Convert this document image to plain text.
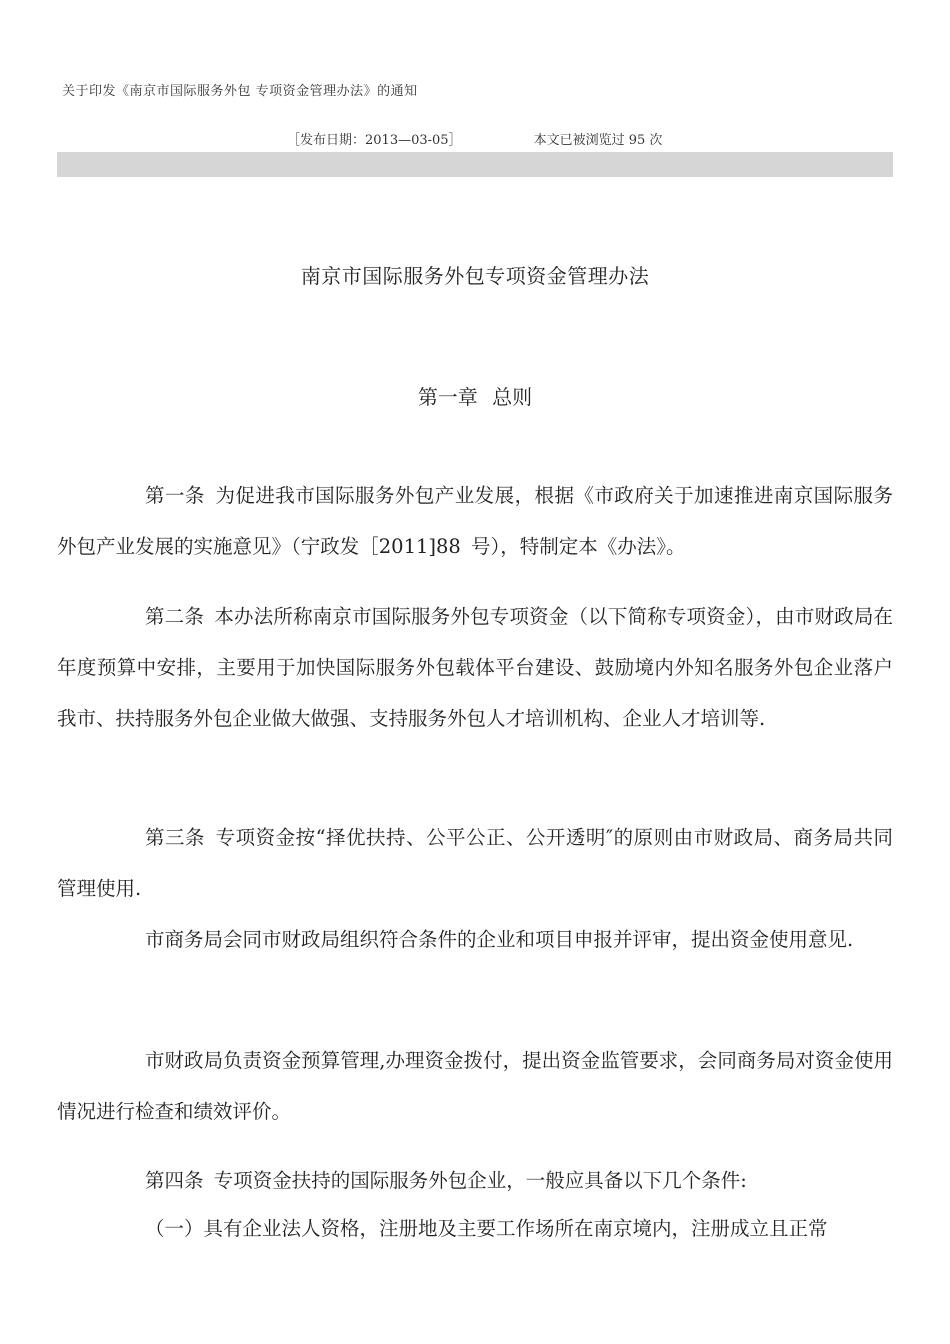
关于印发《南京市国际服务外包 专项资金管理办法》的通知
［发布日期：2013—03-05］	本文已被浏览过 95 次
南京市国际服务外包专项资金管理办法
第一章 总则
第一条 为促进我市国际服务外包产业发展，根据《市政府关于加速推进南京国际服务外包产业发展的实施意见》（宁政发［2011]88 号），特制定本《办法》。
第二条 本办法所称南京市国际服务外包专项资金（以下简称专项资金），由市财政局在年度预算中安排，主要用于加快国际服务外包载体平台建设、鼓励境内外知名服务外包企业落户我市、扶持服务外包企业做大做强、支持服务外包人才培训机构、企业人才培训等.
第三条 专项资金按“择优扶持、公平公正、公开透明″的原则由市财政局、商务局共同管理使用.
市商务局会同市财政局组织符合条件的企业和项目申报并评审，提出资金使用意见.
市财政局负责资金预算管理,办理资金拨付，提出资金监管要求，会同商务局对资金使用情况进行检查和绩效评价。
第四条 专项资金扶持的国际服务外包企业，一般应具备以下几个条件:
（一）具有企业法人资格，注册地及主要工作场所在南京境内，注册成立且正常
